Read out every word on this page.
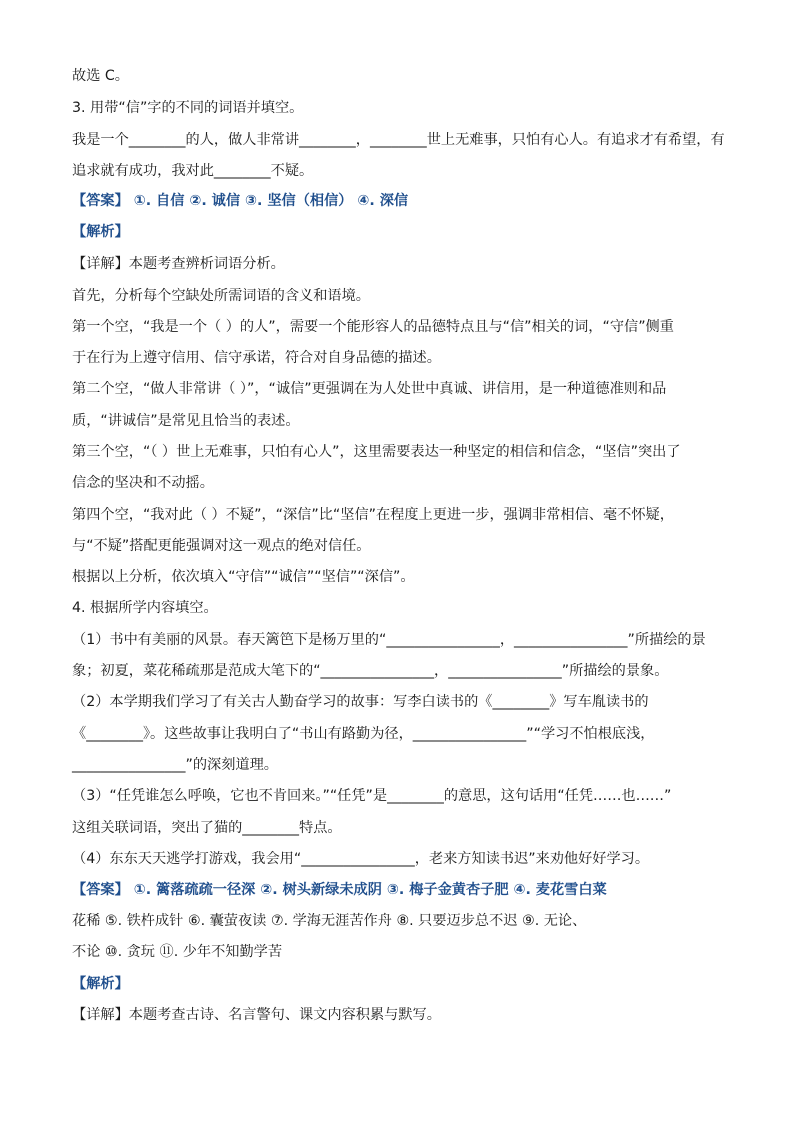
故选 C。
3. 用带“信”字的不同的词语并填空。
我是一个________的人，做人非常讲________，________世上无难事，只怕有心人。有追求才有希望，有
追求就有成功，我对此________不疑。
【答案】 ①. 自信 ②. 诚信 ③. 坚信（相信） ④. 深信
【解析】
【详解】本题考查辨析词语分析。
首先，分析每个空缺处所需词语的含义和语境。
第一个空，“我是一个（ ）的人”，需要一个能形容人的品德特点且与“信”相关的词，“守信”侧重
于在行为上遵守信用、信守承诺，符合对自身品德的描述。
第二个空，“做人非常讲（ ）”，“诚信”更强调在为人处世中真诚、讲信用，是一种道德准则和品
质，“讲诚信”是常见且恰当的表述。
第三个空，“（ ）世上无难事，只怕有心人”，这里需要表达一种坚定的相信和信念，“坚信”突出了
信念的坚决和不动摇。
第四个空，“我对此（ ）不疑”，“深信”比“坚信”在程度上更进一步，强调非常相信、毫不怀疑，
与“不疑”搭配更能强调对这一观点的绝对信任。
根据以上分析，依次填入“守信”“诚信”“坚信”“深信”。
4. 根据所学内容填空。
（1）书中有美丽的风景。春天篱笆下是杨万里的“________________，________________”所描绘的景
象；初夏，菜花稀疏那是范成大笔下的“________________，________________”所描绘的景象。
（2）本学期我们学习了有关古人勤奋学习的故事：写李白读书的《________》写车胤读书的
《________》。这些故事让我明白了“书山有路勤为径，________________”“学习不怕根底浅，
________________”的深刻道理。
（3）“任凭谁怎么呼唤，它也不肯回来。”“任凭”是________的意思，这句话用“任凭……也……”
这组关联词语，突出了猫的________特点。
（4）东东天天逃学打游戏，我会用“________________，老来方知读书迟”来劝他好好学习。
【答案】 ①. 篱落疏疏一径深 ②. 树头新绿未成阴 ③. 梅子金黄杏子肥 ④. 麦花雪白菜
花稀 ⑤. 铁杵成针 ⑥. 囊萤夜读 ⑦. 学海无涯苦作舟 ⑧. 只要迈步总不迟 ⑨. 无论、
不论 ⑩. 贪玩 ⑪. 少年不知勤学苦
【解析】
【详解】本题考查古诗、名言警句、课文内容积累与默写。
